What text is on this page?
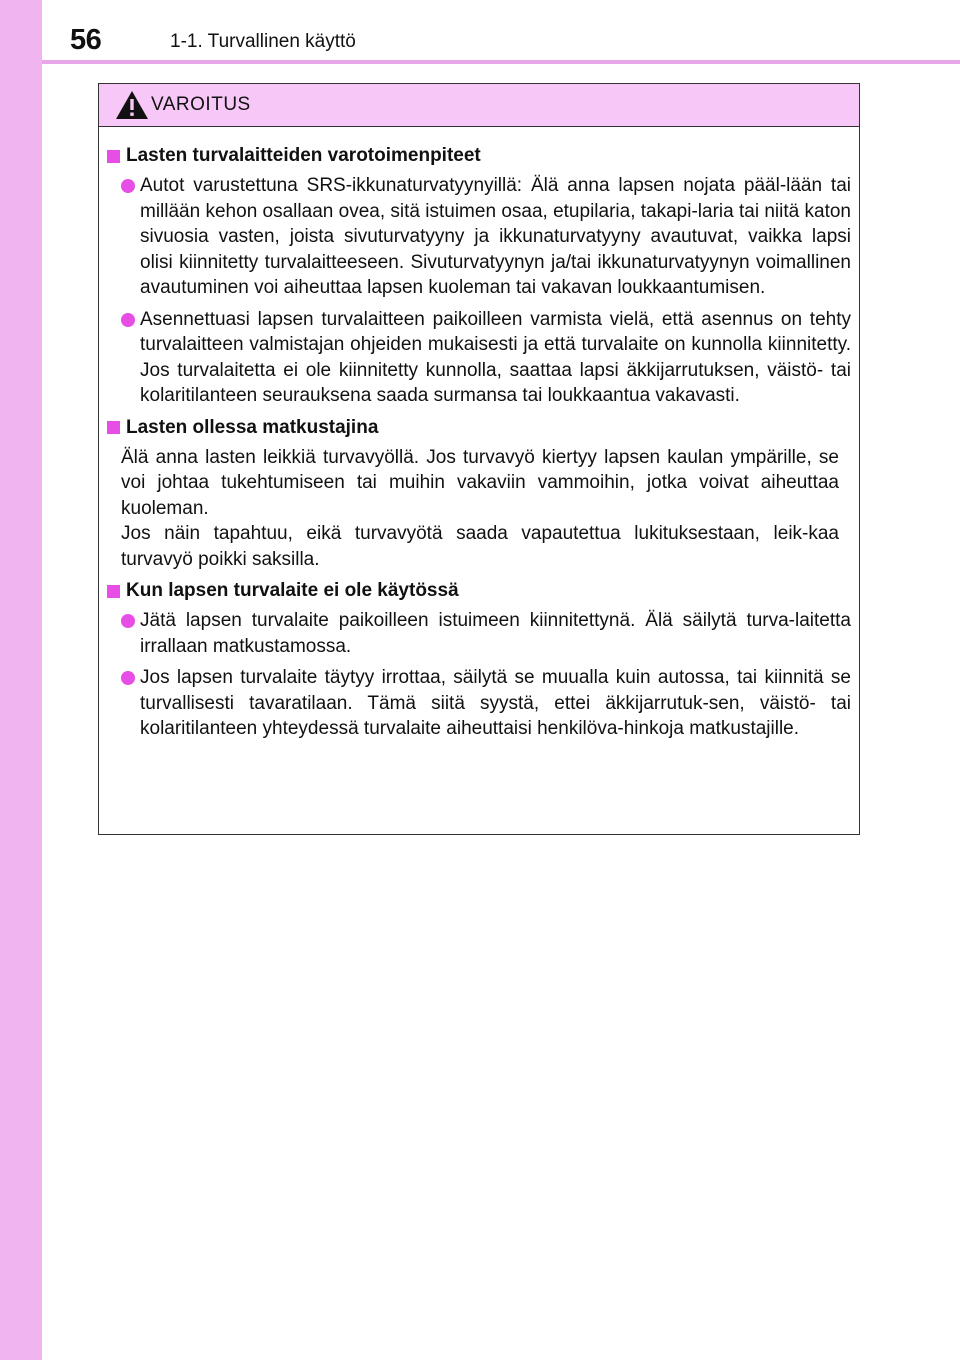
56	1-1. Turvallinen käyttö
VAROITUS
Lasten turvalaitteiden varotoimenpiteet
Autot varustettuna SRS-ikkunaturvatyynyillä: Älä anna lapsen nojata pääl-lään tai millään kehon osallaan ovea, sitä istuimen osaa, etupilaria, takapi-laria tai niitä katon sivuosia vasten, joista sivuturvatyyny ja ikkunaturvatyyny avautuvat, vaikka lapsi olisi kiinnitetty turvalaitteeseen. Sivuturvatyynyn ja/tai ikkunaturvatyynyn voimallinen avautuminen voi aiheuttaa lapsen kuoleman tai vakavan loukkaantumisen.
Asennettuasi lapsen turvalaitteen paikoilleen varmista vielä, että asennus on tehty turvalaitteen valmistajan ohjeiden mukaisesti ja että turvalaite on kunnolla kiinnitetty. Jos turvalaitetta ei ole kiinnitetty kunnolla, saattaa lapsi äkkijarrutuksen, väistö- tai kolaritilanteen seurauksena saada surmansa tai loukkaantua vakavasti.
Lasten ollessa matkustajina
Älä anna lasten leikkiä turvavyöllä. Jos turvavyö kiertyy lapsen kaulan ympärille, se voi johtaa tukehtumiseen tai muihin vakaviin vammoihin, jotka voivat aiheuttaa kuoleman.
Jos näin tapahtuu, eikä turvavyötä saada vapautettua lukituksestaan, leik-kaa turvavyö poikki saksilla.
Kun lapsen turvalaite ei ole käytössä
Jätä lapsen turvalaite paikoilleen istuimeen kiinnitettynä. Älä säilytä turva-laitetta irrallaan matkustamossa.
Jos lapsen turvalaite täytyy irrottaa, säilytä se muualla kuin autossa, tai kiinnitä se turvallisesti tavaratilaan. Tämä siitä syystä, ettei äkkijarrutuk-sen, väistö- tai kolaritilanteen yhteydessä turvalaite aiheuttaisi henkilöva-hinkoja matkustajille.
